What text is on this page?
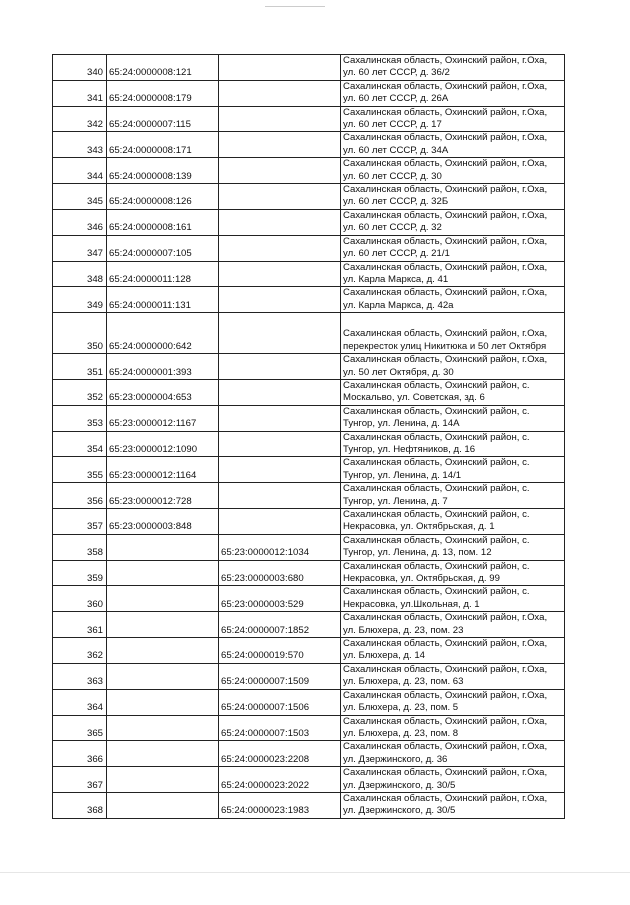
340	65:24:0000008:121		Сахалинская область, Охинский район, г.Оха,
ул. 60 лет СССР, д. 36/2

341	65:24:0000008:179		Сахалинская область, Охинский район, г.Оха,
ул. 60 лет СССР, д. 26А

342	65:24:0000007:115		Сахалинская область, Охинский район, г.Оха,
ул. 60 лет СССР, д. 17

343	65:24:0000008:171		Сахалинская область, Охинский район, г.Оха,
ул. 60 лет СССР, д. 34А

344	65:24:0000008:139		Сахалинская область, Охинский район, г.Оха,
ул. 60 лет СССР, д. 30

345	65:24:0000008:126		Сахалинская область, Охинский район, г.Оха,
ул. 60 лет СССР, д. 32Б

346	65:24:0000008:161		Сахалинская область, Охинский район, г.Оха,
ул. 60 лет СССР, д. 32

347	65:24:0000007:105		Сахалинская область, Охинский район, г.Оха,
ул. 60 лет СССР, д. 21/1

348	65:24:0000011:128		Сахалинская область, Охинский район, г.Оха,
ул. Карла Маркса, д. 41

349	65:24:0000011:131		Сахалинская область, Охинский район, г.Оха,
ул. Карла Маркса, д. 42а

350	65:24:0000000:642		Сахалинская область, Охинский район, г.Оха,
перекресток улиц Никитюка и 50 лет Октября

351	65:24:0000001:393		Сахалинская область, Охинский район, г.Оха,
ул. 50 лет Октября, д. 30

352	65:23:0000004:653		Сахалинская область, Охинский район, с.
Москальво, ул. Советская, зд. 6

353	65:23:0000012:1167		Сахалинская область, Охинский район, с.
Тунгор, ул. Ленина, д. 14А

354	65:23:0000012:1090		Сахалинская область, Охинский район, с.
Тунгор, ул. Нефтяников, д. 16

355	65:23:0000012:1164		Сахалинская область, Охинский район, с.
Тунгор, ул. Ленина, д. 14/1

356	65:23:0000012:728		Сахалинская область, Охинский район, с.
Тунгор, ул. Ленина, д. 7

357	65:23:0000003:848		Сахалинская область, Охинский район, с.
Некрасовка, ул. Октябрьская, д. 1

358		65:23:0000012:1034	Сахалинская область, Охинский район, с.
Тунгор, ул. Ленина, д. 13, пом. 12

359		65:23:0000003:680	Сахалинская область, Охинский район, с.
Некрасовка, ул. Октябрьская, д. 99

360		65:23:0000003:529	Сахалинская область, Охинский район, с.
Некрасовка, ул.Школьная, д. 1

361		65:24:0000007:1852	Сахалинская область, Охинский район, г.Оха,
ул. Блюхера, д. 23, пом. 23

362		65:24:0000019:570	Сахалинская область, Охинский район, г.Оха,
ул. Блюхера, д. 14

363		65:24:0000007:1509	Сахалинская область, Охинский район, г.Оха,
ул. Блюхера, д. 23, пом. 63

364		65:24:0000007:1506	Сахалинская область, Охинский район, г.Оха,
ул. Блюхера, д. 23, пом. 5

365		65:24:0000007:1503	Сахалинская область, Охинский район, г.Оха,
ул. Блюхера, д. 23, пом. 8

366		65:24:0000023:2208	Сахалинская область, Охинский район, г.Оха,
ул. Дзержинского, д. 36

367		65:24:0000023:2022	Сахалинская область, Охинский район, г.Оха,
ул. Дзержинского, д. 30/5

368		65:24:0000023:1983	Сахалинская область, Охинский район, г.Оха,
ул. Дзержинского, д. 30/5
